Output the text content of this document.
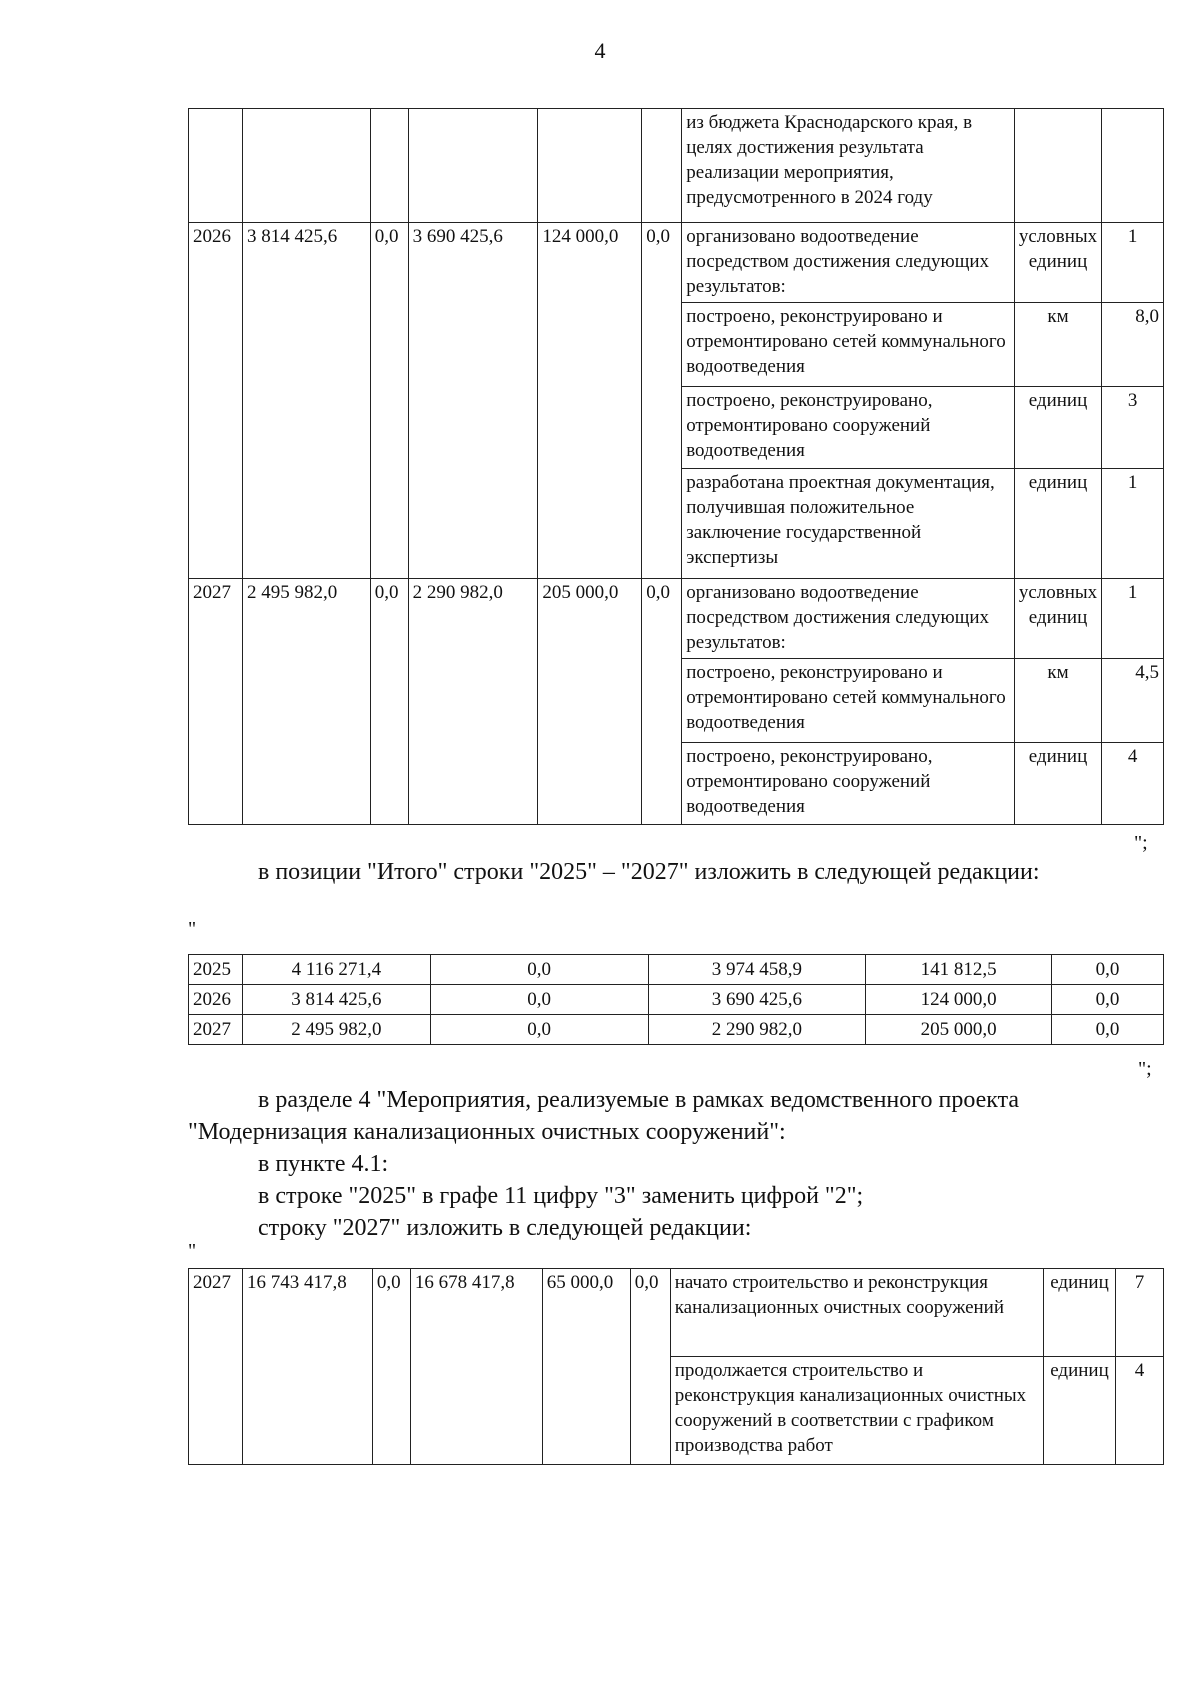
4
						из бюджета Краснодарского края, в целях достижения результата реализации мероприятия, предусмотренного в 2024 году		
2026	3 814 425,6	0,0	3 690 425,6	124 000,0	0,0	организовано водоотведение посредством достижения следующих результатов:	условных единиц	1
						построено, реконструировано и отремонтировано сетей коммунального водоотведения	км	8,0
						построено, реконструировано, отремонтировано сооружений водоотведения	единиц	3
						разработана проектная документация, получившая положительное заключение государственной экспертизы	единиц	1
2027	2 495 982,0	0,0	2 290 982,0	205 000,0	0,0	организовано водоотведение посредством достижения следующих результатов:	условных единиц	1
						построено, реконструировано и отремонтировано сетей коммунального водоотведения	км	4,5
						построено, реконструировано, отремонтировано сооружений водоотведения	единиц	4
";
в позиции "Итого" строки "2025" – "2027" изложить в следующей редакции:
"
2025	4 116 271,4	0,0	3 974 458,9	141 812,5	0,0
2026	3 814 425,6	0,0	3 690 425,6	124 000,0	0,0
2027	2 495 982,0	0,0	2 290 982,0	205 000,0	0,0
";
в разделе 4 "Мероприятия, реализуемые в рамках ведомственного проекта
"Модернизация канализационных очистных сооружений":
в пункте 4.1:
в строке "2025" в графе 11 цифру "3" заменить цифрой "2";
строку "2027" изложить в следующей редакции:
"
2027	16 743 417,8	0,0	16 678 417,8	65 000,0	0,0	начато строительство и реконструкция канализационных очистных сооружений	единиц	7
						продолжается строительство и реконструкция канализационных очистных сооружений в соответствии с графиком производства работ	единиц	4
